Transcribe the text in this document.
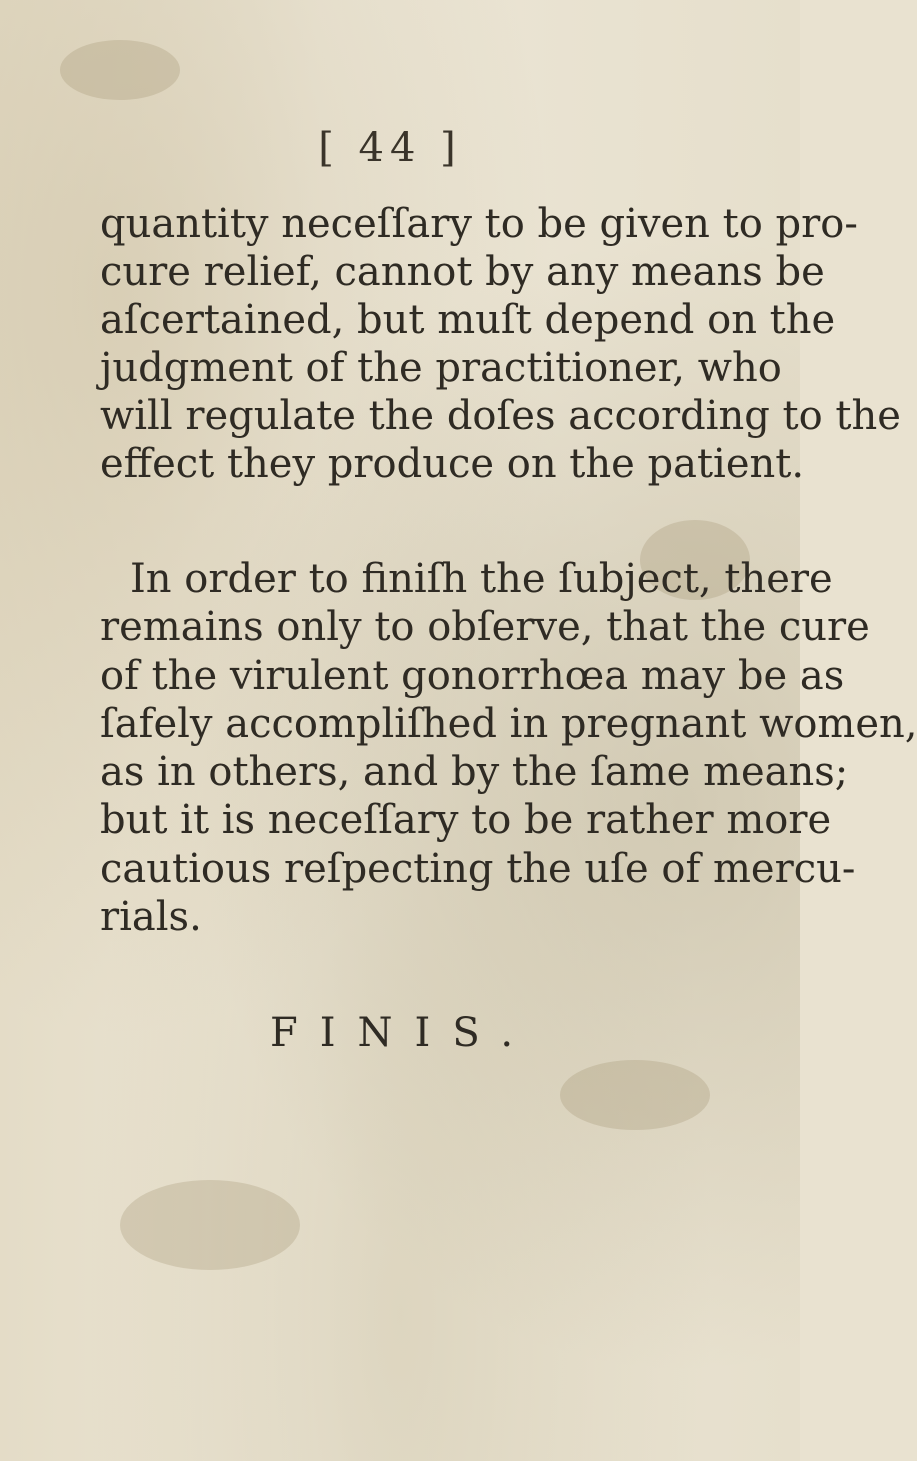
[ 44 ]

quantity neceſſary to be given to pro-
cure relief, cannot by any means be
aſcertained, but muſt depend on the
judgment of the practitioner, who
will regulate the doſes according to the
effect they produce on the patient.

In order to finiſh the ſubject, there
remains only to obſerve, that the cure
of the virulent gonorrhœa may be as
ſafely accompliſhed in pregnant women,
as in others, and by the ſame means;
but it is neceſſary to be rather more
cautious reſpecting the uſe of mercu-
rials.

FINIS.
